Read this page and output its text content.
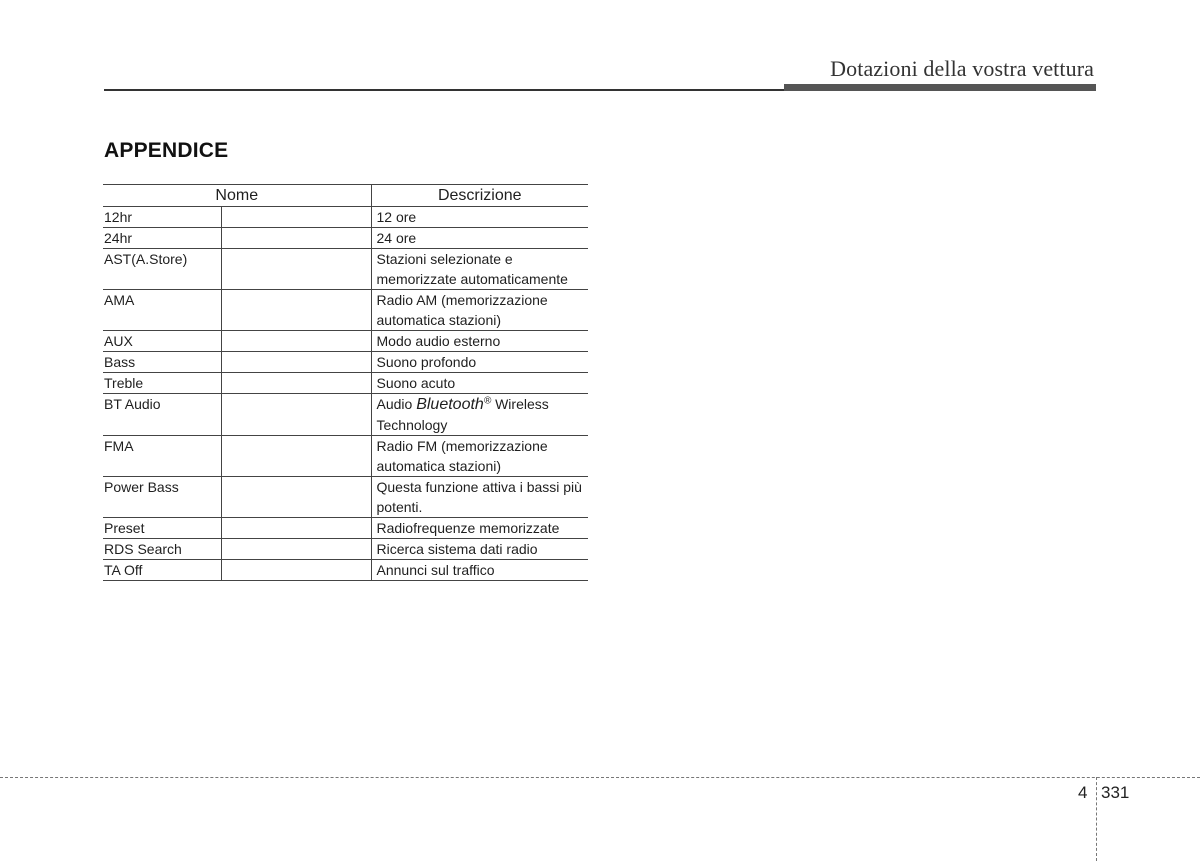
Dotazioni della vostra vettura
APPENDICE
Nome		Descrizione
12hr		12 ore
24hr		24 ore
AST(A.Store)		Stazioni selezionate e memorizzate automaticamente
AMA		Radio AM (memorizzazione automatica stazioni)
AUX		Modo audio esterno
Bass		Suono profondo
Treble		Suono acuto
BT Audio		Audio Bluetooth® Wireless Technology
FMA		Radio FM (memorizzazione automatica stazioni)
Power Bass		Questa funzione attiva i bassi più potenti.
Preset		Radiofrequenze memorizzate
RDS Search		Ricerca sistema dati radio
TA Off		Annunci sul traffico
4 331
